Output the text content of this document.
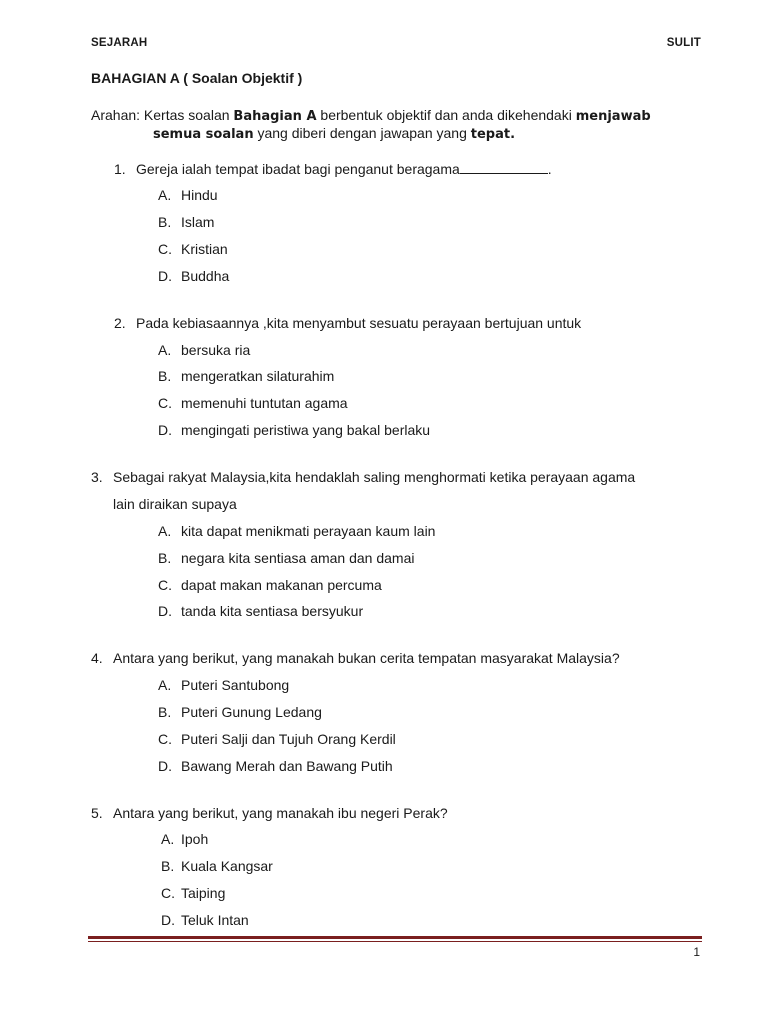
SEJARAH	SULIT
BAHAGIAN A ( Soalan Objektif )
Arahan: Kertas soalan Bahagian A berbentuk objektif dan anda dikehendaki menjawab
semua soalan yang diberi dengan jawapan yang tepat.
1. Gereja ialah tempat ibadat bagi penganut beragama	.
A. Hindu
B. Islam
C. Kristian
D. Buddha
2. Pada kebiasaannya ,kita menyambut sesuatu perayaan bertujuan untuk
A. bersuka ria
B. mengeratkan silaturahim
C. memenuhi tuntutan agama
D. mengingati peristiwa yang bakal berlaku
3. Sebagai rakyat Malaysia,kita hendaklah saling menghormati ketika perayaan agama
lain diraikan supaya
A. kita dapat menikmati perayaan kaum lain
B. negara kita sentiasa aman dan damai
C. dapat makan makanan percuma
D. tanda kita sentiasa bersyukur
4. Antara yang berikut, yang manakah bukan cerita tempatan masyarakat Malaysia?
A. Puteri Santubong
B. Puteri Gunung Ledang
C. Puteri Salji dan Tujuh Orang Kerdil
D. Bawang Merah dan Bawang Putih
5. Antara yang berikut, yang manakah ibu negeri Perak?
A. Ipoh
B. Kuala Kangsar
C. Taiping
D. Teluk Intan
1
